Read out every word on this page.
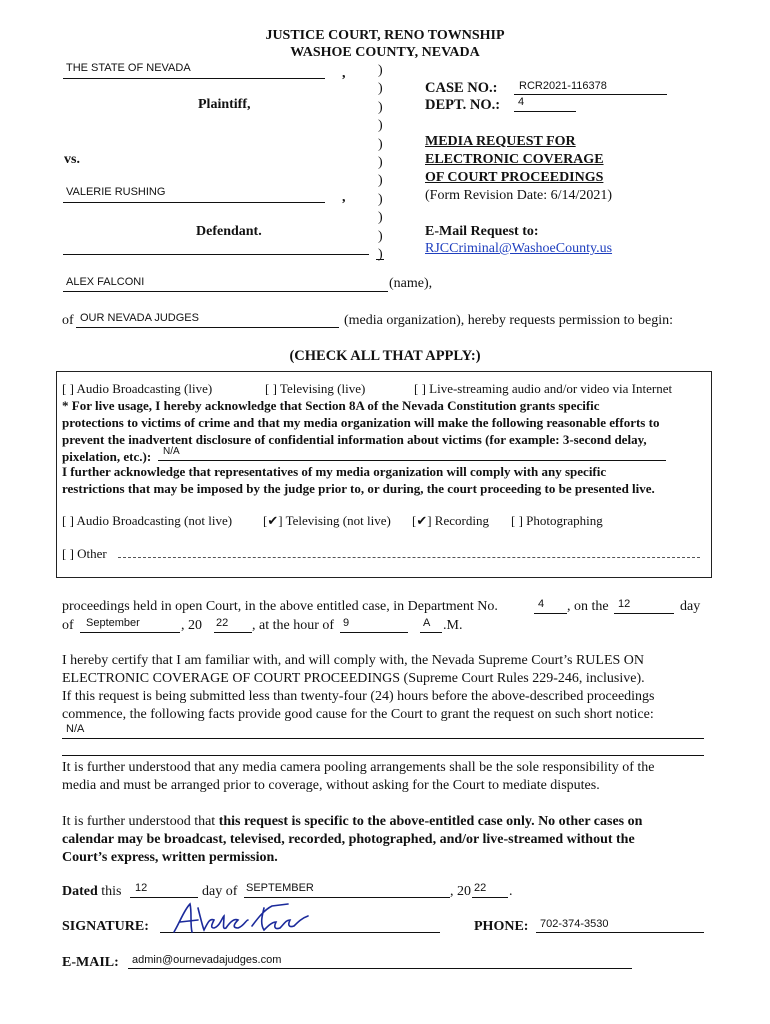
JUSTICE COURT, RENO TOWNSHIP
WASHOE COUNTY, NEVADA
THE STATE OF NEVADA	,
Plaintiff,
vs.
VALERIE RUSHING	,
Defendant.
)
)
)
)
)
)
)
)
)
)
)
CASE NO.: RCR2021-116378
DEPT. NO.: 4
MEDIA REQUEST FOR
ELECTRONIC COVERAGE
OF COURT PROCEEDINGS
(Form Revision Date: 6/14/2021)
E-Mail Request to:
RJCCriminal@WashoeCounty.us
ALEX FALCONI	(name),
of OUR NEVADA JUDGES	(media organization), hereby requests permission to begin:
(CHECK ALL THAT APPLY:)
[ ] Audio Broadcasting (live)	[ ] Televising (live)	[ ] Live-streaming audio and/or video via Internet
* For live usage, I hereby acknowledge that Section 8A of the Nevada Constitution grants specific
protections to victims of crime and that my media organization will make the following reasonable efforts to
prevent the inadvertent disclosure of confidential information about victims (for example: 3-second delay,
pixelation, etc.): N/A
I further acknowledge that representatives of my media organization will comply with any specific
restrictions that may be imposed by the judge prior to, or during, the court proceeding to be presented live.
[ ] Audio Broadcasting (not live) [✔] Televising (not live) [✔] Recording [ ] Photographing
[ ] Other
proceedings held in open Court, in the above entitled case, in Department No.	4 , on the 12	day
of September	, 20 22 , at the hour of 9	A .M.
I hereby certify that I am familiar with, and will comply with, the Nevada Supreme Court’s RULES ON
ELECTRONIC COVERAGE OF COURT PROCEEDINGS (Supreme Court Rules 229-246, inclusive).
If this request is being submitted less than twenty-four (24) hours before the above-described proceedings
commence, the following facts provide good cause for the Court to grant the request on such short notice:
N/A
It is further understood that any media camera pooling arrangements shall be the sole responsibility of the
media and must be arranged prior to coverage, without asking for the Court to mediate disputes.
It is further understood that this request is specific to the above-entitled case only. No other cases on
calendar may be broadcast, televised, recorded, photographed, and/or live-streamed without the
Court’s express, written permission.
Dated this 12	day of SEPTEMBER	, 20 22 .
SIGNATURE:	PHONE: 702-374-3530
E-MAIL: admin@ournevadajudges.com
